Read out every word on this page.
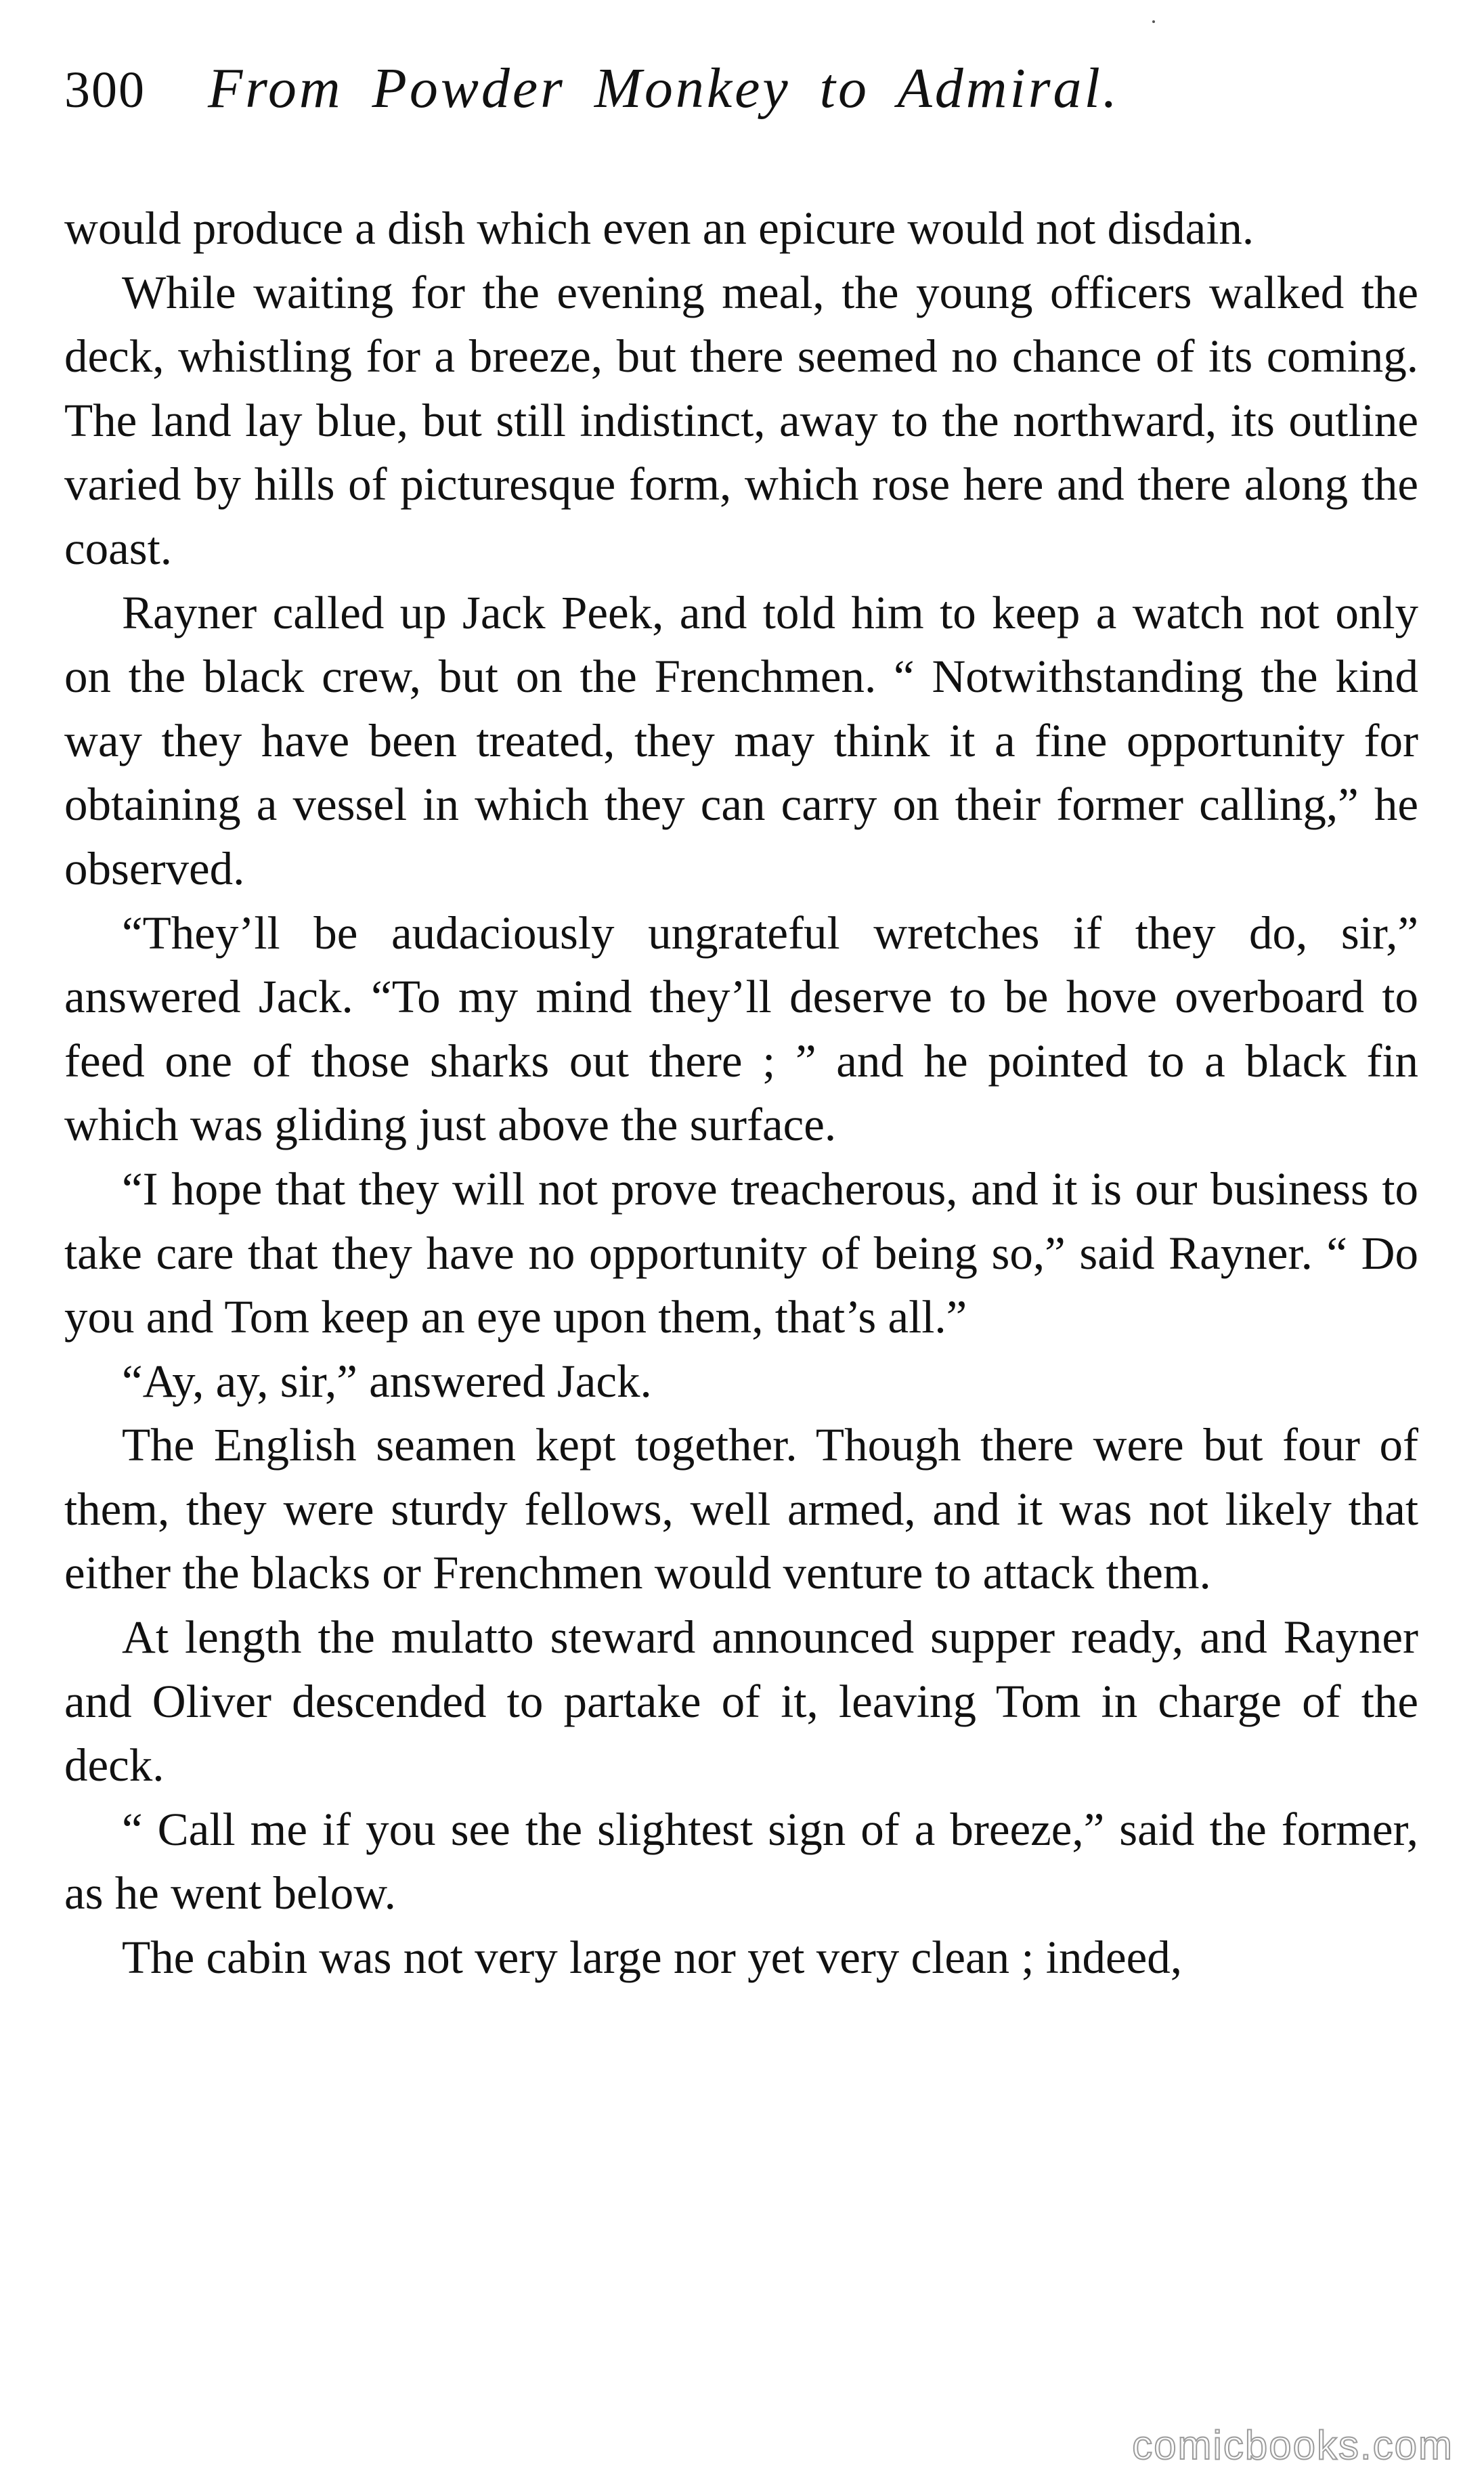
300 From Powder Monkey to Admiral.

would produce a dish which even an epicure would not disdain.

While waiting for the evening meal, the young officers walked the deck, whistling for a breeze, but there seemed no chance of its coming. The land lay blue, but still indistinct, away to the northward, its outline varied by hills of picturesque form, which rose here and there along the coast.

Rayner called up Jack Peek, and told him to keep a watch not only on the black crew, but on the Frenchmen. “ Notwithstanding the kind way they have been treated, they may think it a fine opportunity for obtaining a vessel in which they can carry on their former calling,” he observed.

“They’ll be audaciously ungrateful wretches if they do, sir,” answered Jack. “To my mind they’ll deserve to be hove overboard to feed one of those sharks out there ; ” and he pointed to a black fin which was gliding just above the surface.

“I hope that they will not prove treacherous, and it is our business to take care that they have no opportunity of being so,” said Rayner. “ Do you and Tom keep an eye upon them, that’s all.”

“Ay, ay, sir,” answered Jack.

The English seamen kept together. Though there were but four of them, they were sturdy fellows, well armed, and it was not likely that either the blacks or Frenchmen would venture to attack them.

At length the mulatto steward announced supper ready, and Rayner and Oliver descended to partake of it, leaving Tom in charge of the deck.

“ Call me if you see the slightest sign of a breeze,” said the former, as he went below.

The cabin was not very large nor yet very clean ; indeed,

comicbooks.com
